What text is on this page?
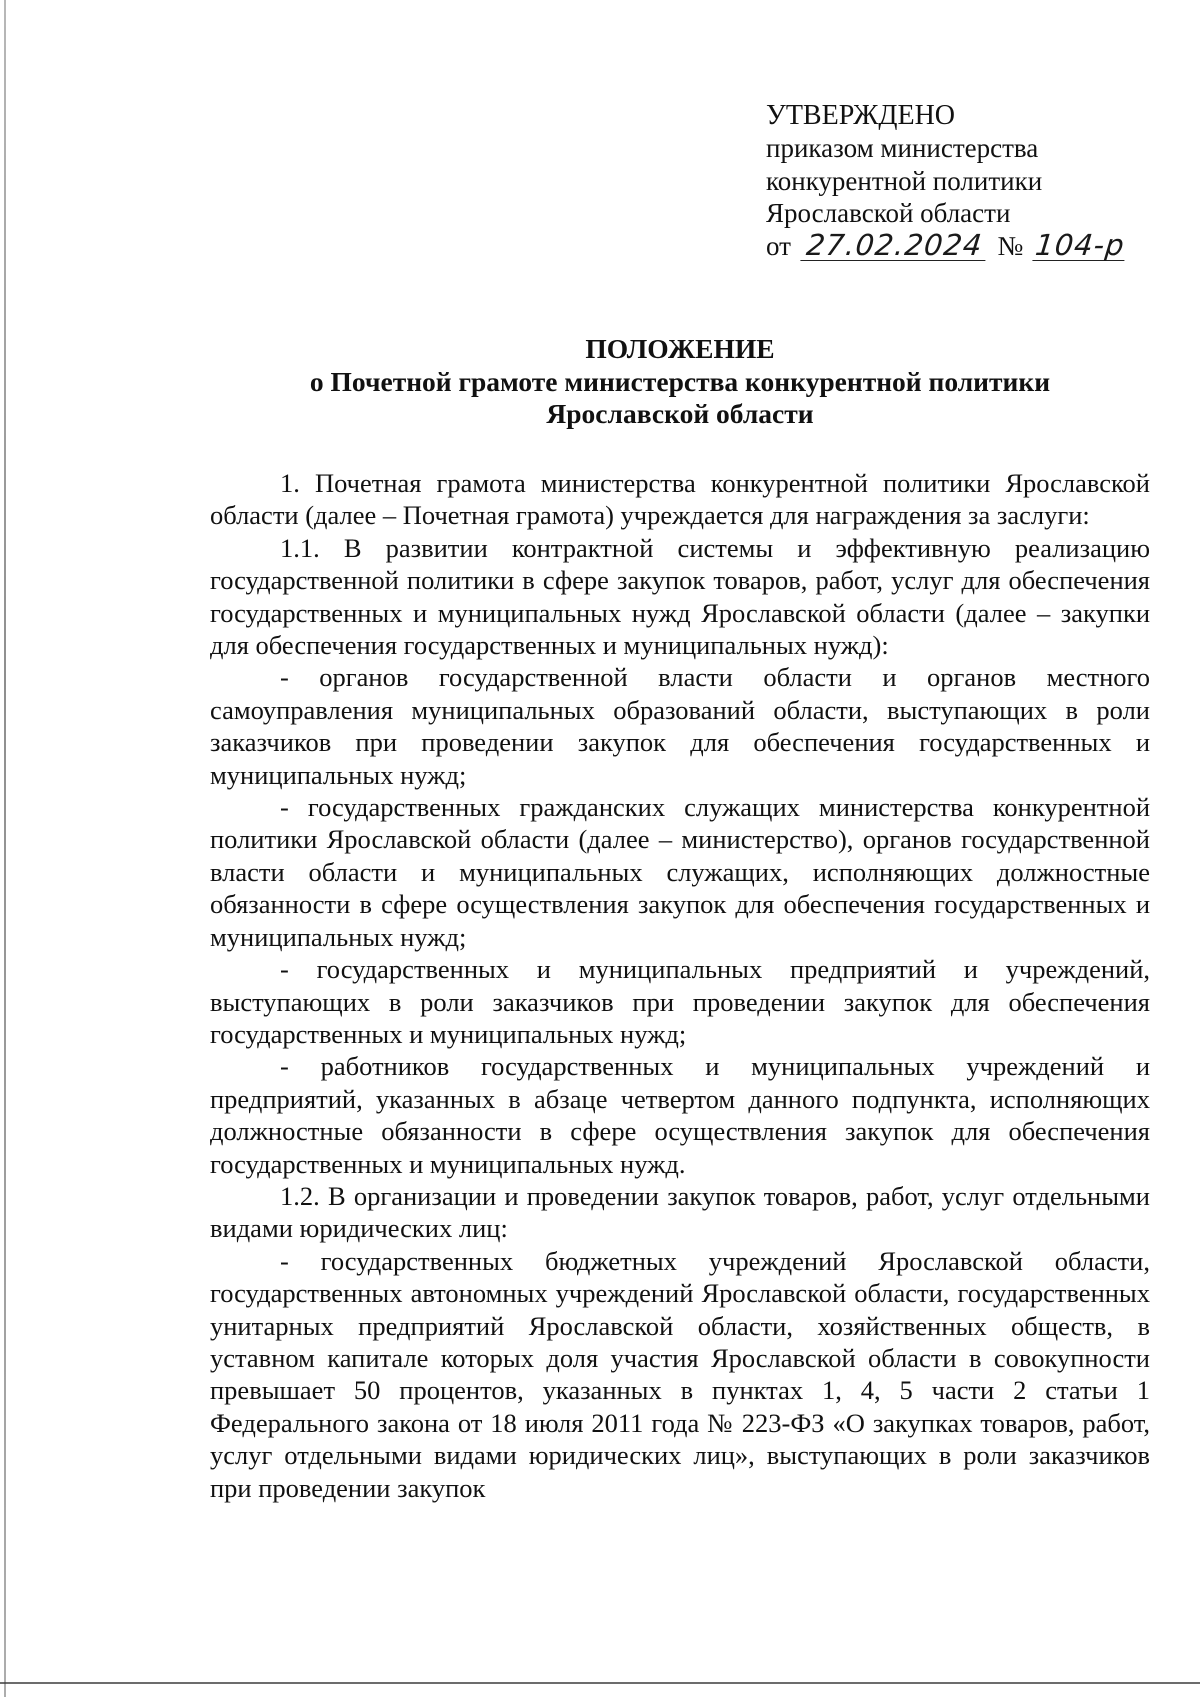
УТВЕРЖДЕНО
приказом министерства
конкурентной политики
Ярославской области
от 27.02.2024 № 104-р
ПОЛОЖЕНИЕ
о Почетной грамоте министерства конкурентной политики
Ярославской области

1. Почетная грамота министерства конкурентной политики Ярославской области (далее – Почетная грамота) учреждается для награждения за заслуги:

1.1. В развитии контрактной системы и эффективную реализацию государственной политики в сфере закупок товаров, работ, услуг для обеспечения государственных и муниципальных нужд Ярославской области (далее – закупки для обеспечения государственных и муниципальных нужд):

- органов государственной власти области и органов местного самоуправления муниципальных образований области, выступающих в роли заказчиков при проведении закупок для обеспечения государственных и муниципальных нужд;

- государственных гражданских служащих министерства конкурентной политики Ярославской области (далее – министерство), органов государственной власти области и муниципальных служащих, исполняющих должностные обязанности в сфере осуществления закупок для обеспечения государственных и муниципальных нужд;

- государственных и муниципальных предприятий и учреждений, выступающих в роли заказчиков при проведении закупок для обеспечения государственных и муниципальных нужд;

- работников государственных и муниципальных учреждений и предприятий, указанных в абзаце четвертом данного подпункта, исполняющих должностные обязанности в сфере осуществления закупок для обеспечения государственных и муниципальных нужд.

1.2. В организации и проведении закупок товаров, работ, услуг отдельными видами юридических лиц:

- государственных бюджетных учреждений Ярославской области, государственных автономных учреждений Ярославской области, государственных унитарных предприятий Ярославской области, хозяйственных обществ, в уставном капитале которых доля участия Ярославской области в совокупности превышает 50 процентов, указанных в пунктах 1, 4, 5 части 2 статьи 1 Федерального закона от 18 июля 2011 года № 223-ФЗ «О закупках товаров, работ, услуг отдельными видами юридических лиц», выступающих в роли заказчиков при проведении закупок
